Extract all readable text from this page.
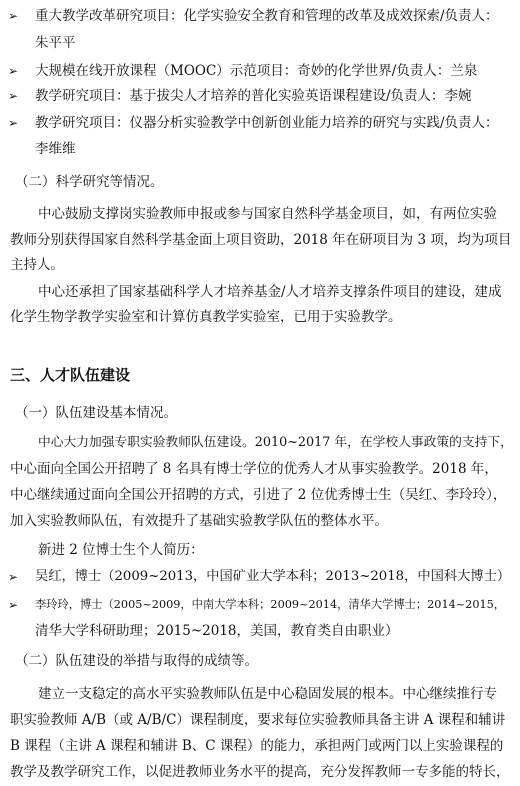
➢ 重大教学改革研究项目：化学实验安全教育和管理的改革及成效探索/负责人：
朱平平
➢ 大规模在线开放课程（MOOC）示范项目：奇妙的化学世界/负责人：兰泉
➢ 教学研究项目：基于拔尖人才培养的普化实验英语课程建设/负责人：李婉
➢ 教学研究项目：仪器分析实验教学中创新创业能力培养的研究与实践/负责人：
李维维
（二）科学研究等情况。
中心鼓励支撑岗实验教师申报或参与国家自然科学基金项目，如，有两位实验
教师分别获得国家自然科学基金面上项目资助，2018 年在研项目为 3 项，均为项目
主持人。
中心还承担了国家基础科学人才培养基金/人才培养支撑条件项目的建设，建成
化学生物学教学实验室和计算仿真教学实验室，已用于实验教学。
三、人才队伍建设
（一）队伍建设基本情况。
中心大力加强专职实验教师队伍建设。2010~2017 年，在学校人事政策的支持下，
中心面向全国公开招聘了 8 名具有博士学位的优秀人才从事实验教学。2018 年，
中心继续通过面向全国公开招聘的方式，引进了 2 位优秀博士生（吴红、李玲玲），
加入实验教师队伍，有效提升了基础实验教学队伍的整体水平。
新进 2 位博士生个人简历：
➢ 吴红，博士（2009~2013，中国矿业大学本科；2013~2018，中国科大博士）
➢ 李玲玲，博士（2005~2009，中南大学本科；2009~2014，清华大学博士；2014~2015，
清华大学科研助理；2015~2018，美国，教育类自由职业）
（二）队伍建设的举措与取得的成绩等。
建立一支稳定的高水平实验教师队伍是中心稳固发展的根本。中心继续推行专
职实验教师 A/B（或 A/B/C）课程制度，要求每位实验教师具备主讲 A 课程和辅讲
B 课程（主讲 A 课程和辅讲 B、C 课程）的能力，承担两门或两门以上实验课程的
教学及教学研究工作，以促进教师业务水平的提高，充分发挥教师一专多能的特长，
